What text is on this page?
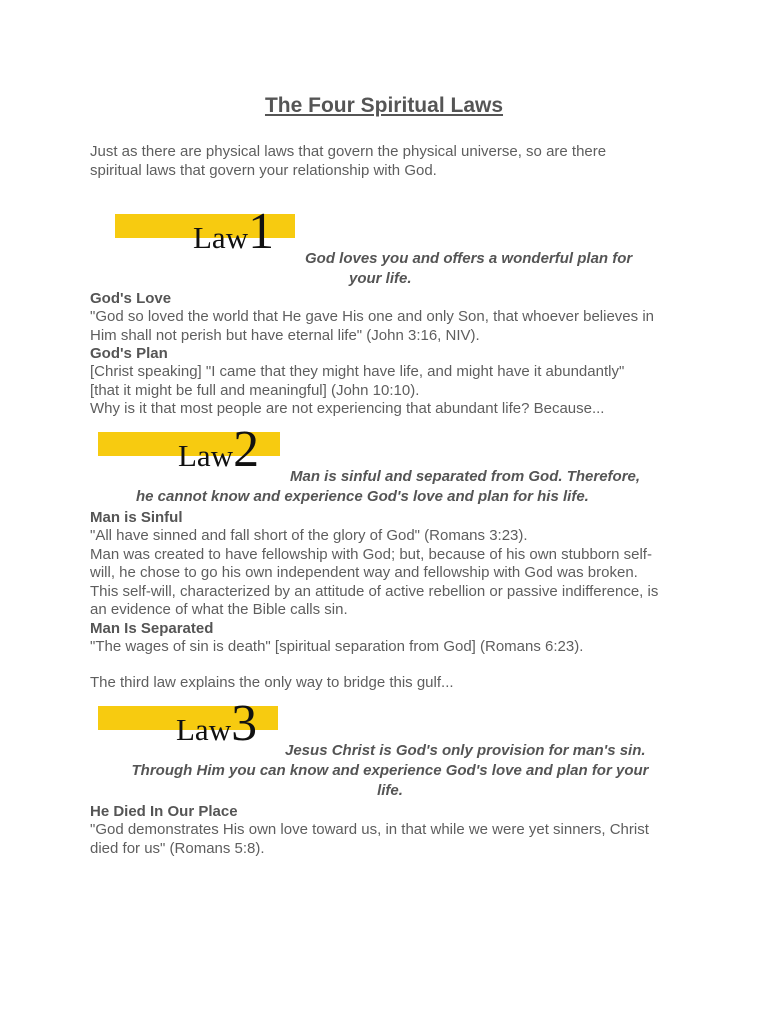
The Four Spiritual Laws
Just as there are physical laws that govern the physical universe, so are there
spiritual laws that govern your relationship with God.
Law1 God loves you and offers a wonderful plan for
your life.
God's Love
"God so loved the world that He gave His one and only Son, that whoever believes in
Him shall not perish but have eternal life" (John 3:16, NIV).
God's Plan
[Christ speaking] "I came that they might have life, and might have it abundantly"
[that it might be full and meaningful] (John 10:10).
Why is it that most people are not experiencing that abundant life? Because...
Law2	Man is sinful and separated from God. Therefore,
he cannot know and experience God's love and plan for his life.
Man is Sinful
"All have sinned and fall short of the glory of God" (Romans 3:23).
Man was created to have fellowship with God; but, because of his own stubborn self-
will, he chose to go his own independent way and fellowship with God was broken.
This self-will, characterized by an attitude of active rebellion or passive indifference, is
an evidence of what the Bible calls sin.
Man Is Separated
"The wages of sin is death" [spiritual separation from God] (Romans 6:23).
The third law explains the only way to bridge this gulf...
Law3	Jesus Christ is God's only provision for man's sin.
Through Him you can know and experience God's love and plan for your
life.
He Died In Our Place
"God demonstrates His own love toward us, in that while we were yet sinners, Christ
died for us" (Romans 5:8).
